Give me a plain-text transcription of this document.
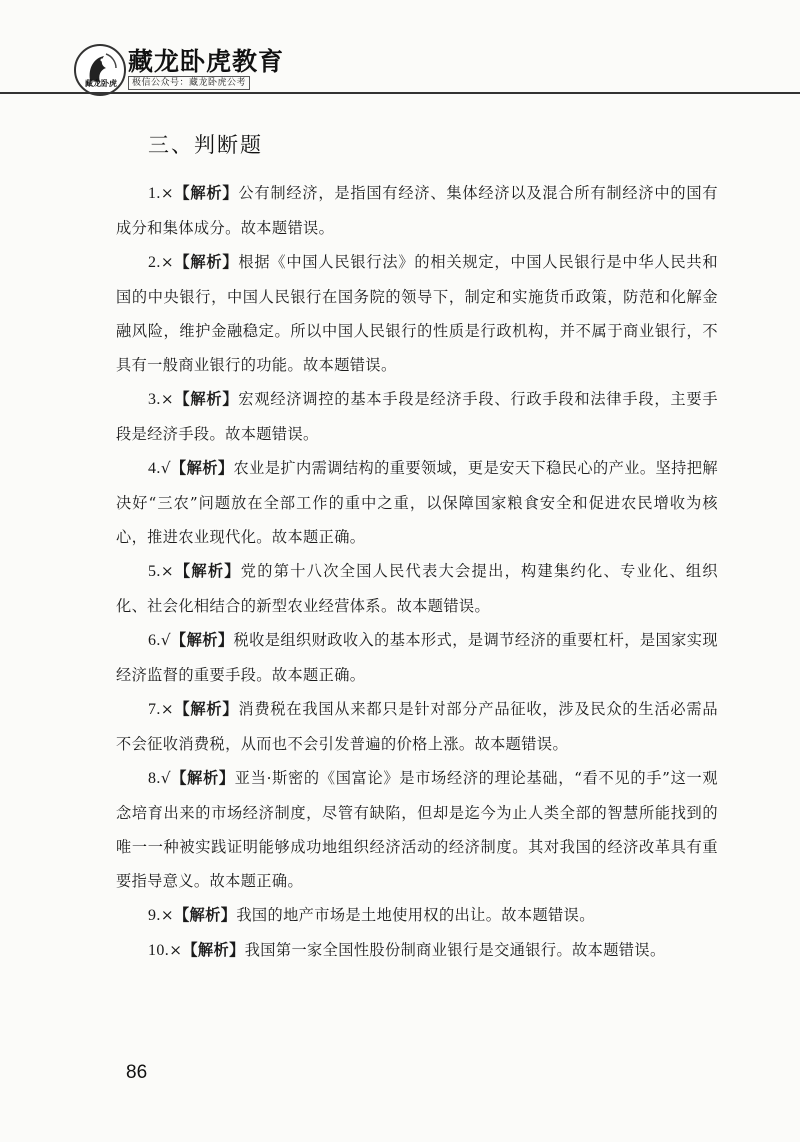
藏龙卧虎
藏龙卧虎教育
极信公众号：藏龙卧虎公考
三、判断题

1.×【解析】公有制经济，是指国有经济、集体经济以及混合所有制经济中的国有成分和集体成分。故本题错误。

2.×【解析】根据《中国人民银行法》的相关规定，中国人民银行是中华人民共和国的中央银行，中国人民银行在国务院的领导下，制定和实施货币政策，防范和化解金融风险，维护金融稳定。所以中国人民银行的性质是行政机构，并不属于商业银行，不具有一般商业银行的功能。故本题错误。

3.×【解析】宏观经济调控的基本手段是经济手段、行政手段和法律手段，主要手段是经济手段。故本题错误。

4.√【解析】农业是扩内需调结构的重要领域，更是安天下稳民心的产业。坚持把解决好“三农”问题放在全部工作的重中之重，以保障国家粮食安全和促进农民增收为核心，推进农业现代化。故本题正确。

5.×【解析】党的第十八次全国人民代表大会提出，构建集约化、专业化、组织化、社会化相结合的新型农业经营体系。故本题错误。

6.√【解析】税收是组织财政收入的基本形式，是调节经济的重要杠杆，是国家实现经济监督的重要手段。故本题正确。

7.×【解析】消费税在我国从来都只是针对部分产品征收，涉及民众的生活必需品不会征收消费税，从而也不会引发普遍的价格上涨。故本题错误。

8.√【解析】亚当·斯密的《国富论》是市场经济的理论基础，“看不见的手”这一观念培育出来的市场经济制度，尽管有缺陷，但却是迄今为止人类全部的智慧所能找到的唯一一种被实践证明能够成功地组织经济活动的经济制度。其对我国的经济改革具有重要指导意义。故本题正确。

9.×【解析】我国的地产市场是土地使用权的出让。故本题错误。

10.×【解析】我国第一家全国性股份制商业银行是交通银行。故本题错误。

86
